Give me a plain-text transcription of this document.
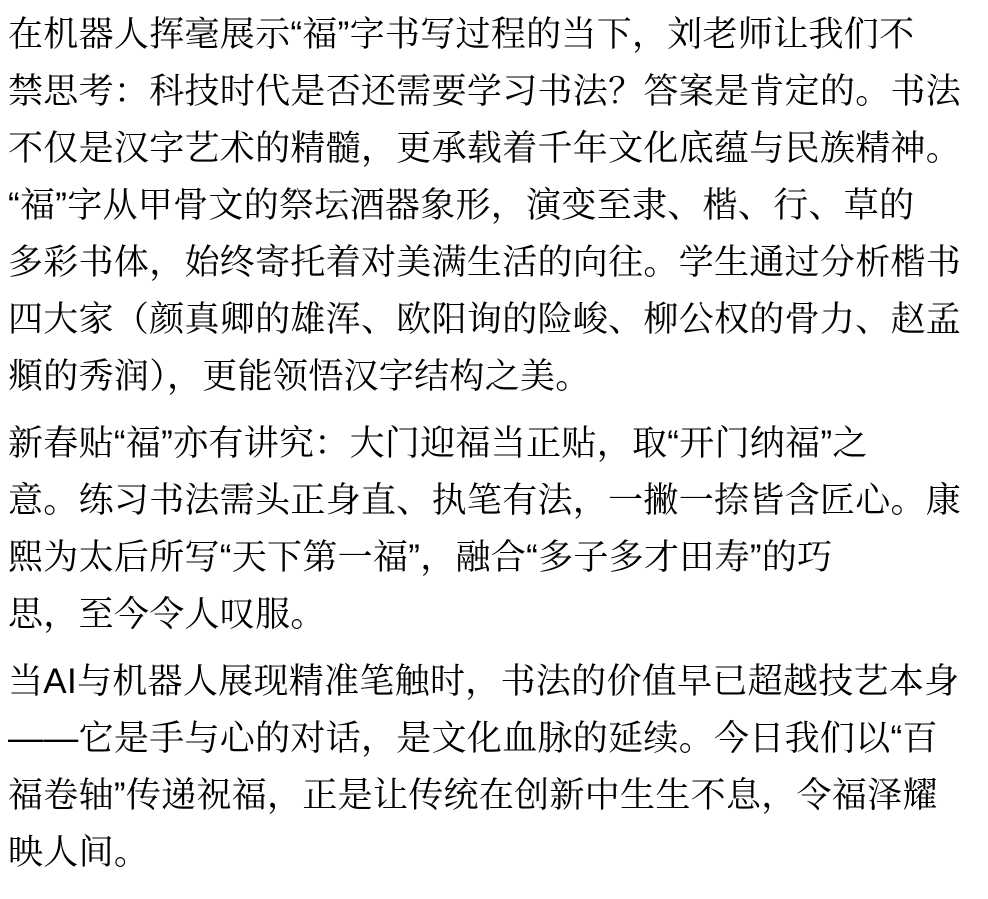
在机器人挥毫展示“福”字书写过程的当下，刘老师让我们不
禁思考：科技时代是否还需要学习书法？答案是肯定的。书法
不仅是汉字艺术的精髓，更承载着千年文化底蕴与民族精神。
“福”字从甲骨文的祭坛酒器象形，演变至隶、楷、行、草的
多彩书体，始终寄托着对美满生活的向往。学生通过分析楷书
四大家（颜真卿的雄浑、欧阳询的险峻、柳公权的骨力、赵孟
頫的秀润），更能领悟汉字结构之美。
新春贴“福”亦有讲究：大门迎福当正贴，取“开门纳福”之
意。练习书法需头正身直、执笔有法，一撇一捺皆含匠心。康
熙为太后所写“天下第一福”，融合“多子多才田寿”的巧
思，至今令人叹服。
当AI与机器人展现精准笔触时，书法的价值早已超越技艺本身
——它是手与心的对话，是文化血脉的延续。今日我们以“百
福卷轴”传递祝福，正是让传统在创新中生生不息，令福泽耀
映人间。
